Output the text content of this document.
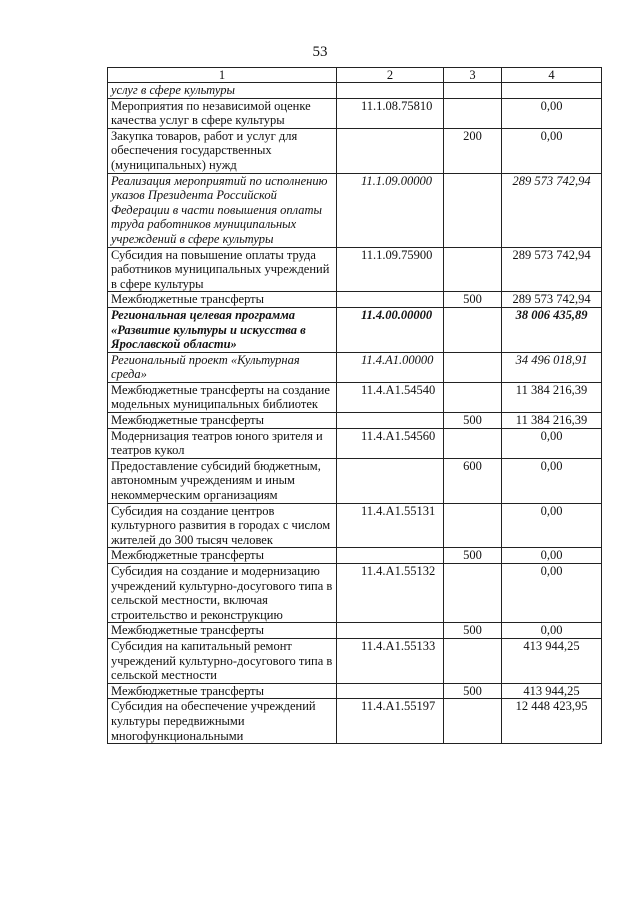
53
1	2	3	4
услуг в сфере культуры			
Мероприятия по независимой оценке качества услуг в сфере культуры	11.1.08.75810		0,00
Закупка товаров, работ и услуг для обеспечения государственных (муниципальных) нужд		200	0,00
Реализация мероприятий по исполнению указов Президента Российской Федерации в части повышения оплаты труда работников муниципальных учреждений в сфере культуры	11.1.09.00000		289 573 742,94
Субсидия на повышение оплаты труда работников муниципальных учреждений в сфере культуры	11.1.09.75900		289 573 742,94
Межбюджетные трансферты		500	289 573 742,94
Региональная целевая программа «Развитие культуры и искусства в Ярославской области»	11.4.00.00000		38 006 435,89
Региональный проект «Культурная среда»	11.4.А1.00000		34 496 018,91
Межбюджетные трансферты на создание модельных муниципальных библиотек	11.4.А1.54540		11 384 216,39
Межбюджетные трансферты		500	11 384 216,39
Модернизация театров юного зрителя и театров кукол	11.4.А1.54560		0,00
Предоставление субсидий бюджетным, автономным учреждениям и иным некоммерческим организациям		600	0,00
Субсидия на создание центров культурного развития в городах с числом жителей до 300 тысяч человек	11.4.А1.55131		0,00
Межбюджетные трансферты		500	0,00
Субсидия на создание и модернизацию учреждений культурно-досугового типа в сельской местности, включая строительство и реконструкцию	11.4.А1.55132		0,00
Межбюджетные трансферты		500	0,00
Субсидия на капитальный ремонт учреждений культурно-досугового типа в сельской местности	11.4.А1.55133		413 944,25
Межбюджетные трансферты		500	413 944,25
Субсидия на обеспечение учреждений культуры передвижными многофункциональными	11.4.А1.55197		12 448 423,95
